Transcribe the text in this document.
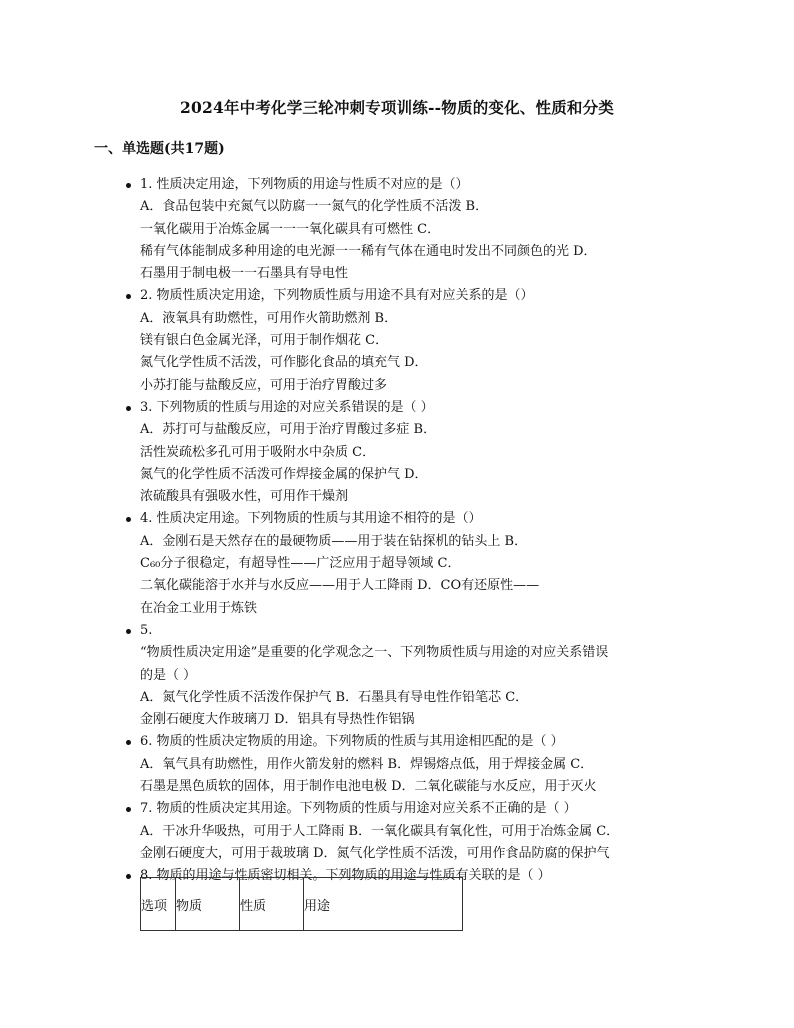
2024年中考化学三轮冲刺专项训练--物质的变化、性质和分类
一、单选题(共17题)
1. 性质决定用途，下列物质的用途与性质不对应的是（）
A．食品包装中充氮气以防腐一一氮气的化学性质不活泼 B．
一氧化碳用于冶炼金属一一一氧化碳具有可燃性 C．
稀有气体能制成多种用途的电光源一一稀有气体在通电时发出不同颜色的光 D．
石墨用于制电极一一石墨具有导电性
2. 物质性质决定用途，下列物质性质与用途不具有对应关系的是（）
A．液氧具有助燃性，可用作火箭助燃剂 B．
镁有银白色金属光泽，可用于制作烟花 C．
氮气化学性质不活泼，可作膨化食品的填充气 D．
小苏打能与盐酸反应，可用于治疗胃酸过多
3. 下列物质的性质与用途的对应关系错误的是（ ）
A．苏打可与盐酸反应，可用于治疗胃酸过多症 B．
活性炭疏松多孔可用于吸附水中杂质 C．
氮气的化学性质不活泼可作焊接金属的保护气 D．
浓硫酸具有强吸水性，可用作干燥剂
4. 性质决定用途。下列物质的性质与其用途不相符的是（）
A．金刚石是天然存在的最硬物质——用于装在钻探机的钻头上 B．
C₆₀分子很稳定，有超导性——广泛应用于超导领域 C．
二氧化碳能溶于水并与水反应——用于人工降雨 D．CO有还原性——
在冶金工业用于炼铁
5.
“物质性质决定用途”是重要的化学观念之一、下列物质性质与用途的对应关系错误
的是（ ）
A．氮气化学性质不活泼作保护气 B．石墨具有导电性作铅笔芯 C．
金刚石硬度大作玻璃刀 D．铝具有导热性作铝锅
6. 物质的性质决定物质的用途。下列物质的性质与其用途相匹配的是（ ）
A．氧气具有助燃性，用作火箭发射的燃料 B．焊锡熔点低，用于焊接金属 C．
石墨是黑色质软的固体，用于制作电池电极 D．二氧化碳能与水反应，用于灭火
7. 物质的性质决定其用途。下列物质的性质与用途对应关系不正确的是（ ）
A．干冰升华吸热，可用于人工降雨 B．一氧化碳具有氧化性，可用于冶炼金属 C．
金刚石硬度大，可用于裁玻璃 D．氮气化学性质不活泼，可用作食品防腐的保护气
8. 物质的用途与性质密切相关。下列物质的用途与性质有关联的是（ ）
选项	物质	性质	用途
